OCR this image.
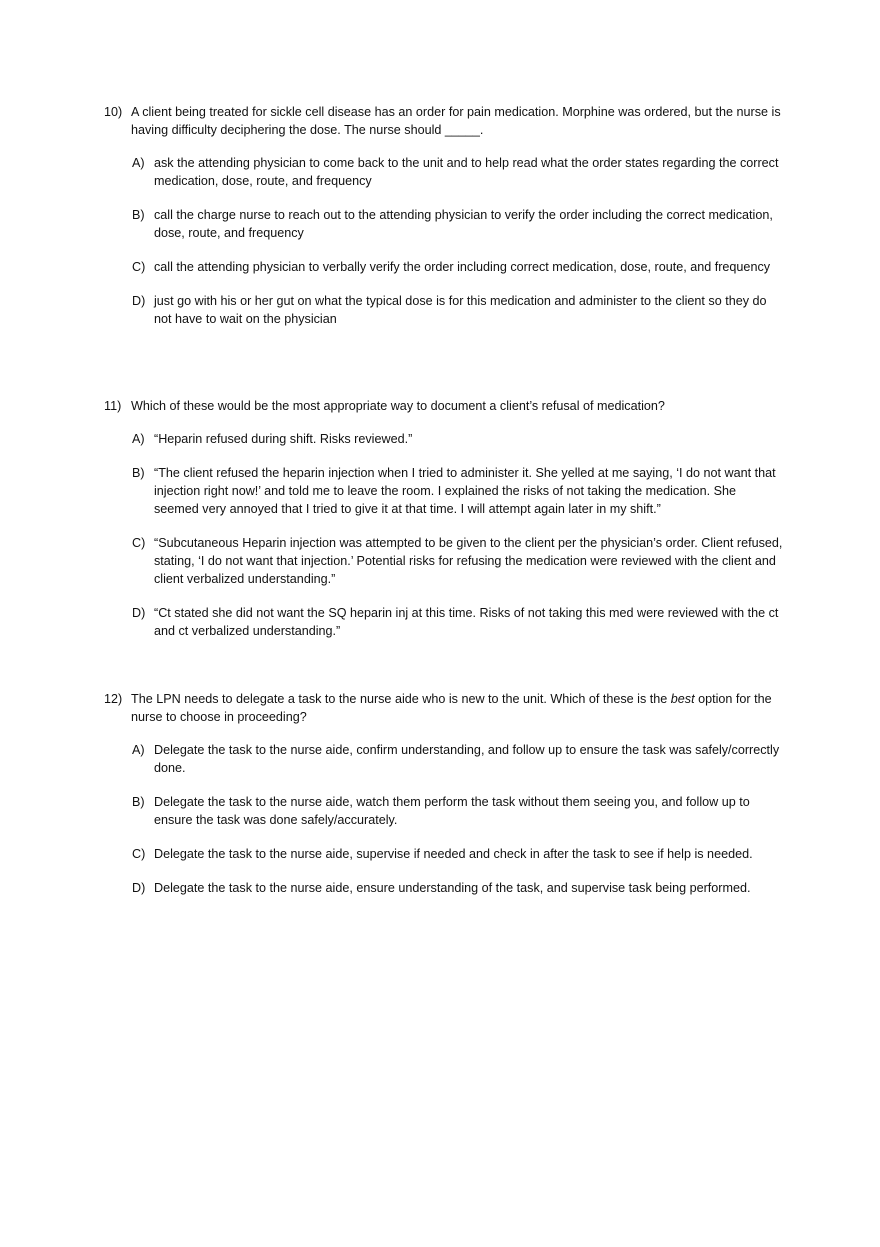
10) A client being treated for sickle cell disease has an order for pain medication. Morphine was ordered, but the nurse is having difficulty deciphering the dose. The nurse should _____.
A) ask the attending physician to come back to the unit and to help read what the order states regarding the correct medication, dose, route, and frequency
B) call the charge nurse to reach out to the attending physician to verify the order including the correct medication, dose, route, and frequency
C) call the attending physician to verbally verify the order including correct medication, dose, route, and frequency
D) just go with his or her gut on what the typical dose is for this medication and administer to the client so they do not have to wait on the physician
11) Which of these would be the most appropriate way to document a client’s refusal of medication?
A) “Heparin refused during shift. Risks reviewed.”
B) “The client refused the heparin injection when I tried to administer it. She yelled at me saying, ‘I do not want that injection right now!’ and told me to leave the room. I explained the risks of not taking the medication. She seemed very annoyed that I tried to give it at that time. I will attempt again later in my shift.”
C) “Subcutaneous Heparin injection was attempted to be given to the client per the physician’s order. Client refused, stating, ‘I do not want that injection.’ Potential risks for refusing the medication were reviewed with the client and client verbalized understanding.”
D) “Ct stated she did not want the SQ heparin inj at this time. Risks of not taking this med were reviewed with the ct and ct verbalized understanding.”
12) The LPN needs to delegate a task to the nurse aide who is new to the unit. Which of these is the best option for the nurse to choose in proceeding?
A) Delegate the task to the nurse aide, confirm understanding, and follow up to ensure the task was safely/correctly done.
B) Delegate the task to the nurse aide, watch them perform the task without them seeing you, and follow up to ensure the task was done safely/accurately.
C) Delegate the task to the nurse aide, supervise if needed and check in after the task to see if help is needed.
D) Delegate the task to the nurse aide, ensure understanding of the task, and supervise task being performed.
